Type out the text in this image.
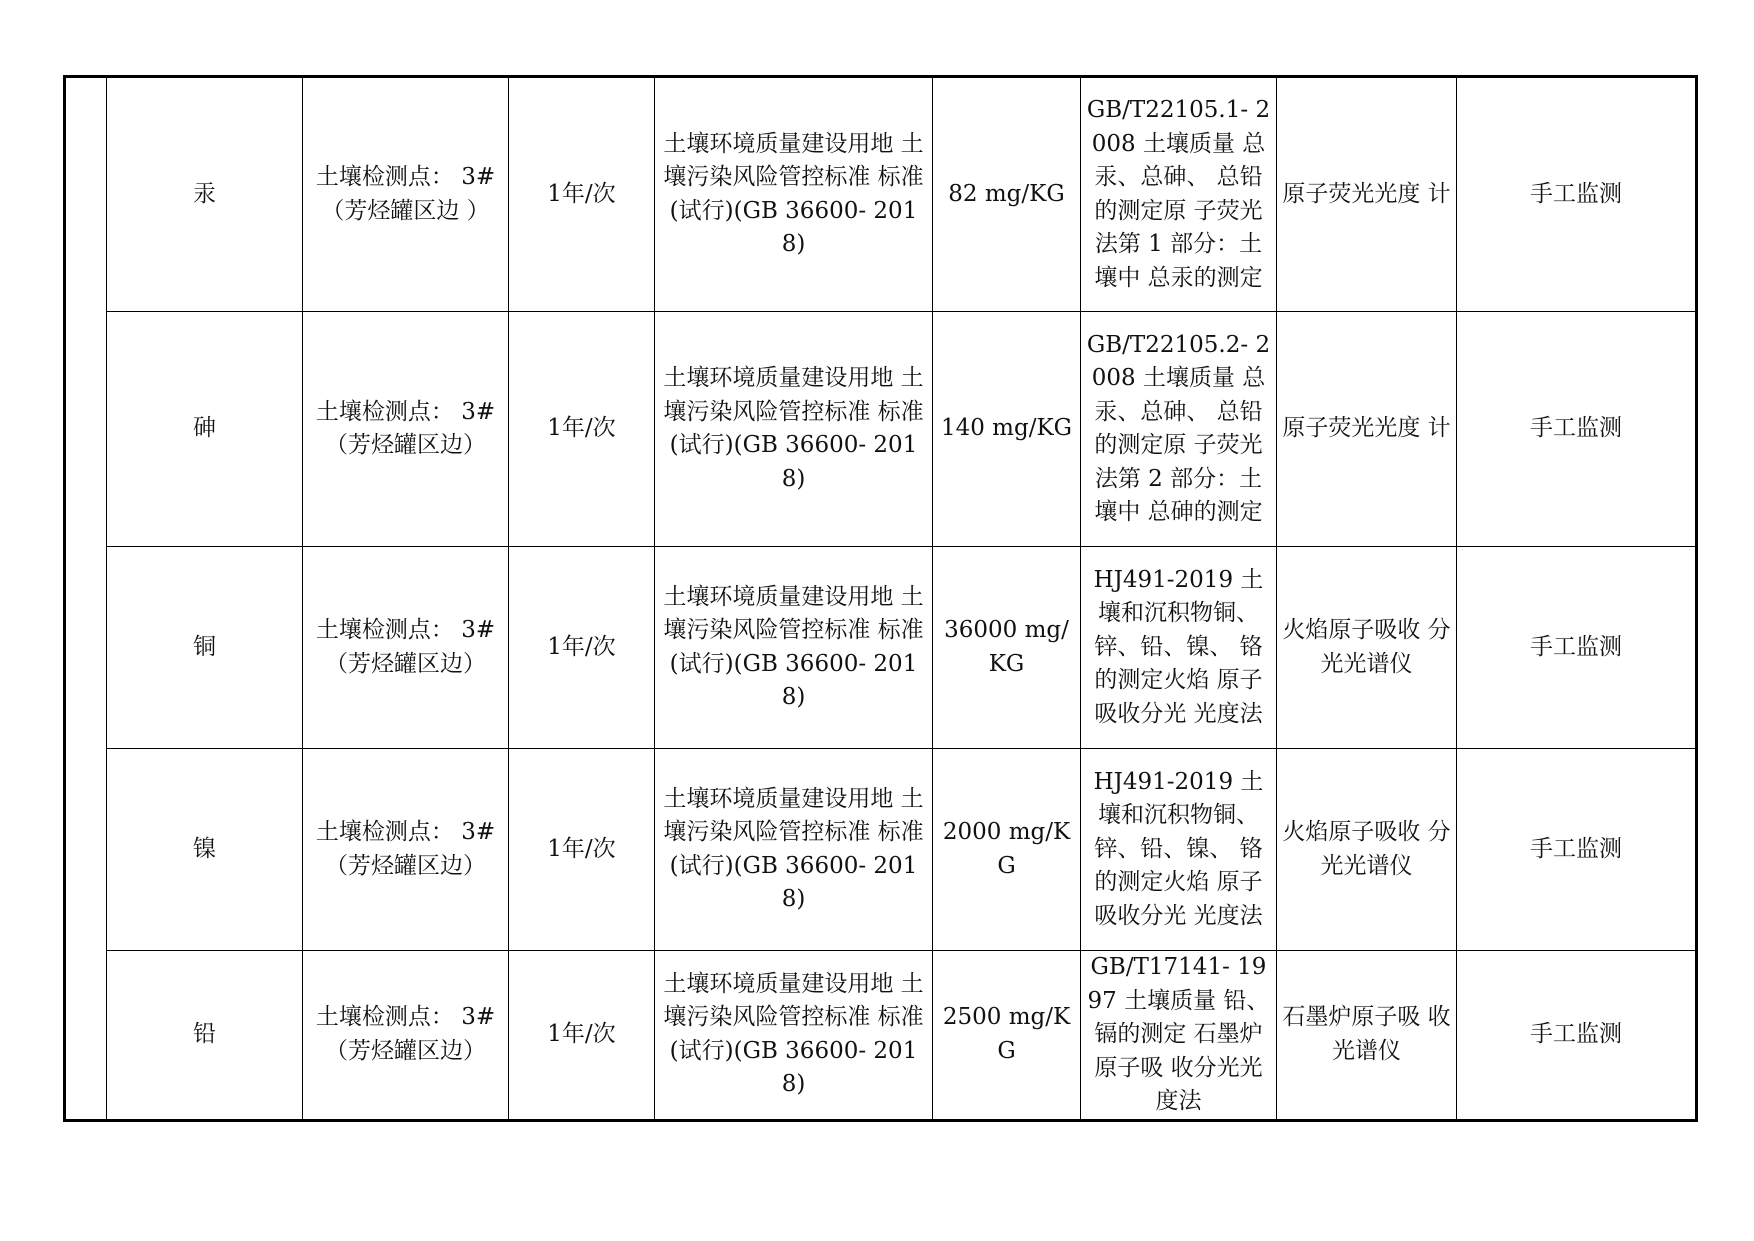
	汞	土壤检测点： 3#（芳烃罐区边 ）	1年/次	土壤环境质量建设用地 土壤污染风险管控标准 标准(试行)(GB 36600- 2018)	82 mg/KG	GB/T22105.1- 2008 土壤质量 总汞、总砷、 总铅的测定原 子荧光法第 1 部分：土壤中 总汞的测定	原子荧光光度 计	手工监测
	砷	土壤检测点： 3#（芳烃罐区边）	1年/次	土壤环境质量建设用地 土壤污染风险管控标准 标准(试行)(GB 36600- 2018)	140 mg/KG	GB/T22105.2- 2008 土壤质量 总汞、总砷、 总铅的测定原 子荧光法第 2 部分：土壤中 总砷的测定	原子荧光光度 计	手工监测
	铜	土壤检测点： 3#（芳烃罐区边）	1年/次	土壤环境质量建设用地 土壤污染风险管控标准 标准(试行)(GB 36600- 2018)	36000 mg/KG	HJ491-2019 土 壤和沉积物铜、 锌、铅、镍、 铬的测定火焰 原子吸收分光 光度法	火焰原子吸收 分光光谱仪	手工监测
	镍	土壤检测点： 3#（芳烃罐区边）	1年/次	土壤环境质量建设用地 土壤污染风险管控标准 标准(试行)(GB 36600- 2018)	2000 mg/KG	HJ491-2019 土 壤和沉积物铜、 锌、铅、镍、 铬的测定火焰 原子吸收分光 光度法	火焰原子吸收 分光光谱仪	手工监测
	铅	土壤检测点： 3#（芳烃罐区边）	1年/次	土壤环境质量建设用地 土壤污染风险管控标准 标准(试行)(GB 36600- 2018)	2500 mg/KG	GB/T17141- 1997 土壤质量 铅、镉的测定 石墨炉原子吸 收分光光度法	石墨炉原子吸 收光谱仪	手工监测
